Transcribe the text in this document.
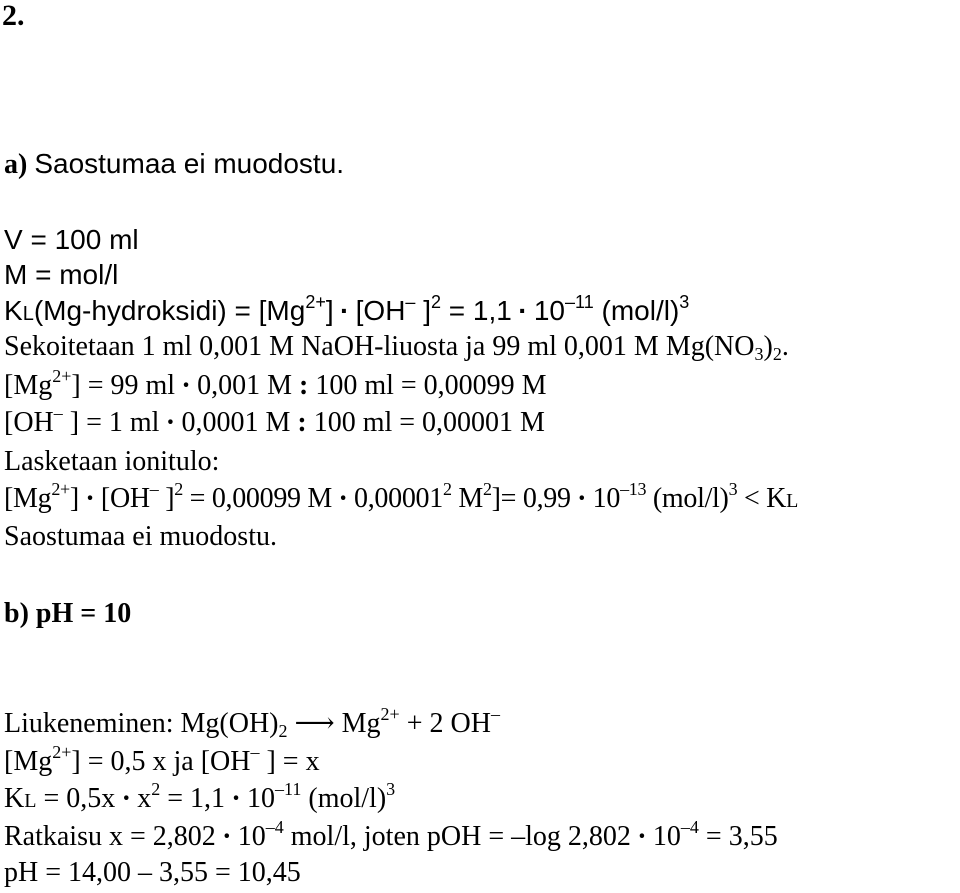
2.
a) Saostumaa ei muodostu.
V = 100 ml
M = mol/l
KL(Mg-hydroksidi) = $[Mg^{2+}] \cdot [OH^-$ ]$^2 = 1,1 \cdot 10^{-11}$ $(mol/l)^3$
Sekoitetaan 1 ml 0,001 M NaOH-liuosta ja 99 ml 0,001 M $Mg(NO_3)_2$.
$[Mg^{2+}] = 99$ ml · 0,001 M : 100 ml = 0,00099 M
[OH– ] = 1 ml · 0,0001 M : 100 ml = 0,00001 M
Lasketaan ionitulo:
$[Mg^{2+}] \cdot [OH^-$ ]$^2$ = 0,00099 $M \cdot 0,00001^2$ $M^2]= 0,99 \cdot 10^{-13}$ $(mol/l)^3$ < KL
Saostumaa ei muodostu.
b) pH = 10
Liukeneminen: $Mg(OH)_2$ ⟶ $Mg^{2+} + 2$ OH–
$[Mg^{2+}] = 0,5$ x ja [OH– ] = x
KL = $0,5x \cdot x^2 = 1,1 \cdot 10^{-11}$ $(mol/l)^3$
Ratkaisu $x = 2,802 \cdot 10^{-4}$ mol/l, joten pOH = –log $2,802 \cdot 10^{-4} = 3,55$
pH = 14,00 – 3,55 = 10,45
